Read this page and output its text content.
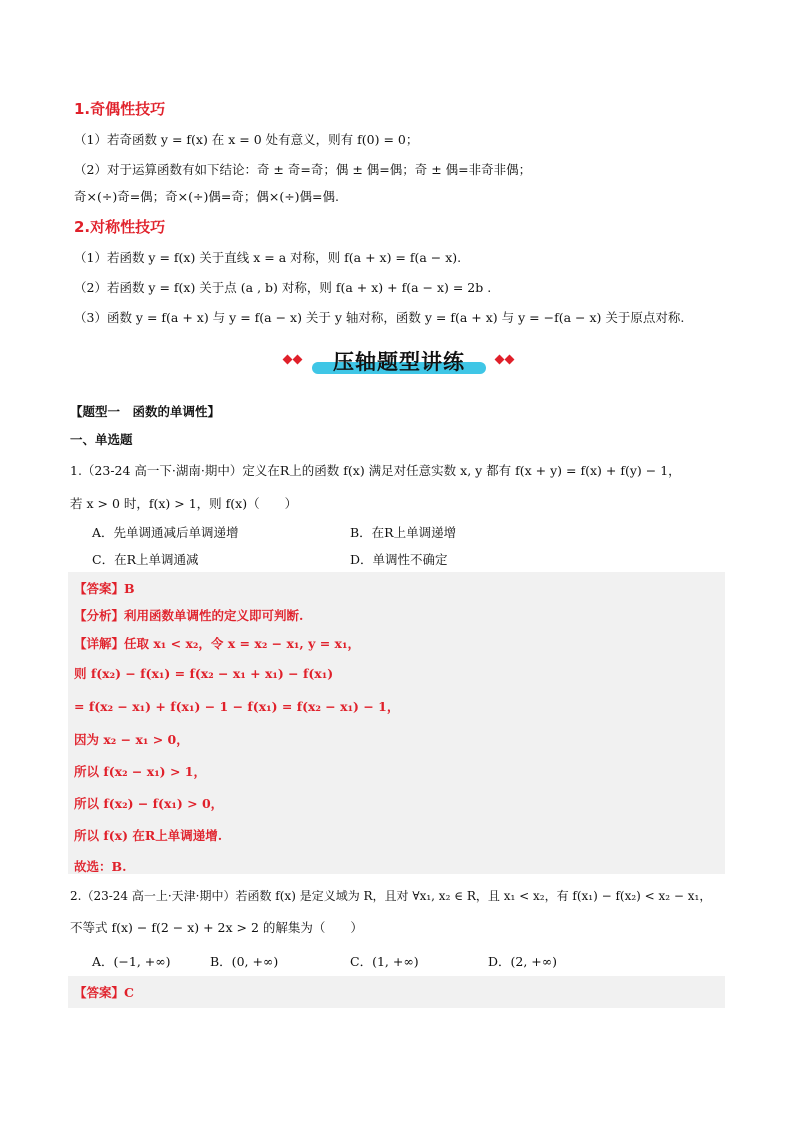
1.奇偶性技巧
（1）若奇函数 y = f(x) 在 x = 0 处有意义，则有 f(0) = 0；
（2）对于运算函数有如下结论：奇 ± 奇=奇；偶 ± 偶=偶；奇 ± 偶=非奇非偶；
奇×(÷)奇=偶；奇×(÷)偶=奇；偶×(÷)偶=偶.
2.对称性技巧
（1）若函数 y = f(x) 关于直线 x = a 对称，则 f(a + x) = f(a − x).
（2）若函数 y = f(x) 关于点 (a , b) 对称，则 f(a + x) + f(a − x) = 2b .
（3）函数 y = f(a + x) 与 y = f(a − x) 关于 y 轴对称，函数 y = f(a + x) 与 y = −f(a − x) 关于原点对称.
压轴题型讲练
【题型一　函数的单调性】
一、单选题
1.（23-24 高一下·湖南·期中）定义在R上的函数 f(x) 满足对任意实数 x, y 都有 f(x + y) = f(x) + f(y) − 1，
若 x > 0 时，f(x) > 1，则 f(x)（　　）
A．先单调通减后单调递增	B．在R上单调递增
C．在R上单调通减	D．单调性不确定
【答案】B
【分析】利用函数单调性的定义即可判断.
【详解】任取 x₁ < x₂，令 x = x₂ − x₁, y = x₁，
则 f(x₂) − f(x₁) = f(x₂ − x₁ + x₁) − f(x₁)
= f(x₂ − x₁) + f(x₁) − 1 − f(x₁) = f(x₂ − x₁) − 1，
因为 x₂ − x₁ > 0，
所以 f(x₂ − x₁) > 1，
所以 f(x₂) − f(x₁) > 0，
所以 f(x) 在R上单调递增.
故选：B.
2.（23-24 高一上·天津·期中）若函数 f(x) 是定义域为 R，且对 ∀x₁, x₂ ∈ R，且 x₁ < x₂，有 f(x₁) − f(x₂) < x₂ − x₁，
不等式 f(x) − f(2 − x) + 2x > 2 的解集为（　　）
A．(−1, +∞)	B．(0, +∞)	C．(1, +∞)	D．(2, +∞)
【答案】C
